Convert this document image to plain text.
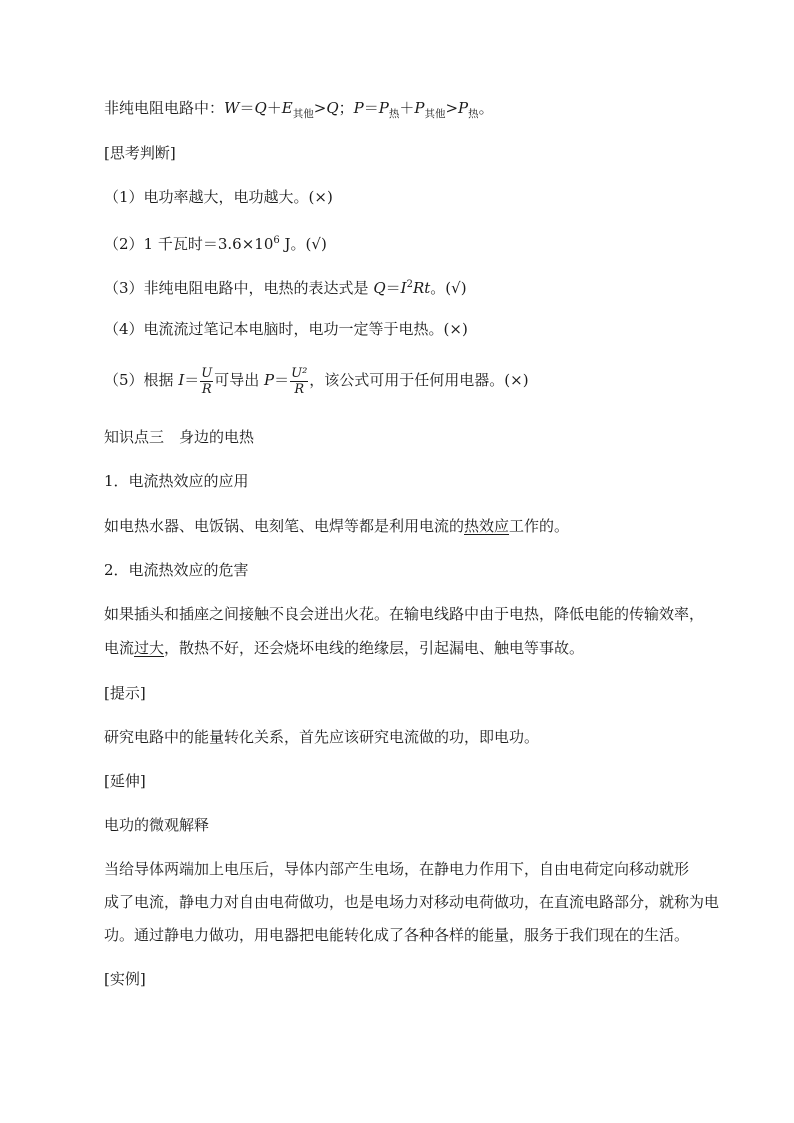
非纯电阻电路中：$W=Q+E_{其他}>Q$；$P=P_热+P_{其他}>P_热$。

[思考判断]

（1）电功率越大，电功越大。(×)

（2）1 千瓦时$=3.6\times 10^6$ J。(√)

（3）非纯电阻电路中，电热的表达式是 $Q=I^2Rt$。(√)

（4）电流流过笔记本电脑时，电功一定等于电热。(×)

（5）根据 $I= \frac{U}{R}$ 可导出 $P= \frac{\text{U²}}{R}$ ，该公式可用于任何用电器。(×)

知识点三　身边的电热

1．电流热效应的应用

如电热水器、电饭锅、电刻笔、电焊等都是利用电流的热效应工作的。

2．电流热效应的危害

如果插头和插座之间接触不良会迸出火花。在输电线路中由于电热，降低电能的传输效率，

电流过大，散热不好，还会烧坏电线的绝缘层，引起漏电、触电等事故。

[提示]

研究电路中的能量转化关系，首先应该研究电流做的功，即电功。

[延伸]

电功的微观解释

当给导体两端加上电压后，导体内部产生电场，在静电力作用下，自由电荷定向移动就形

成了电流，静电力对自由电荷做功，也是电场力对移动电荷做功，在直流电路部分，就称为电

功。通过静电力做功，用电器把电能转化成了各种各样的能量，服务于我们现在的生活。

[实例]
